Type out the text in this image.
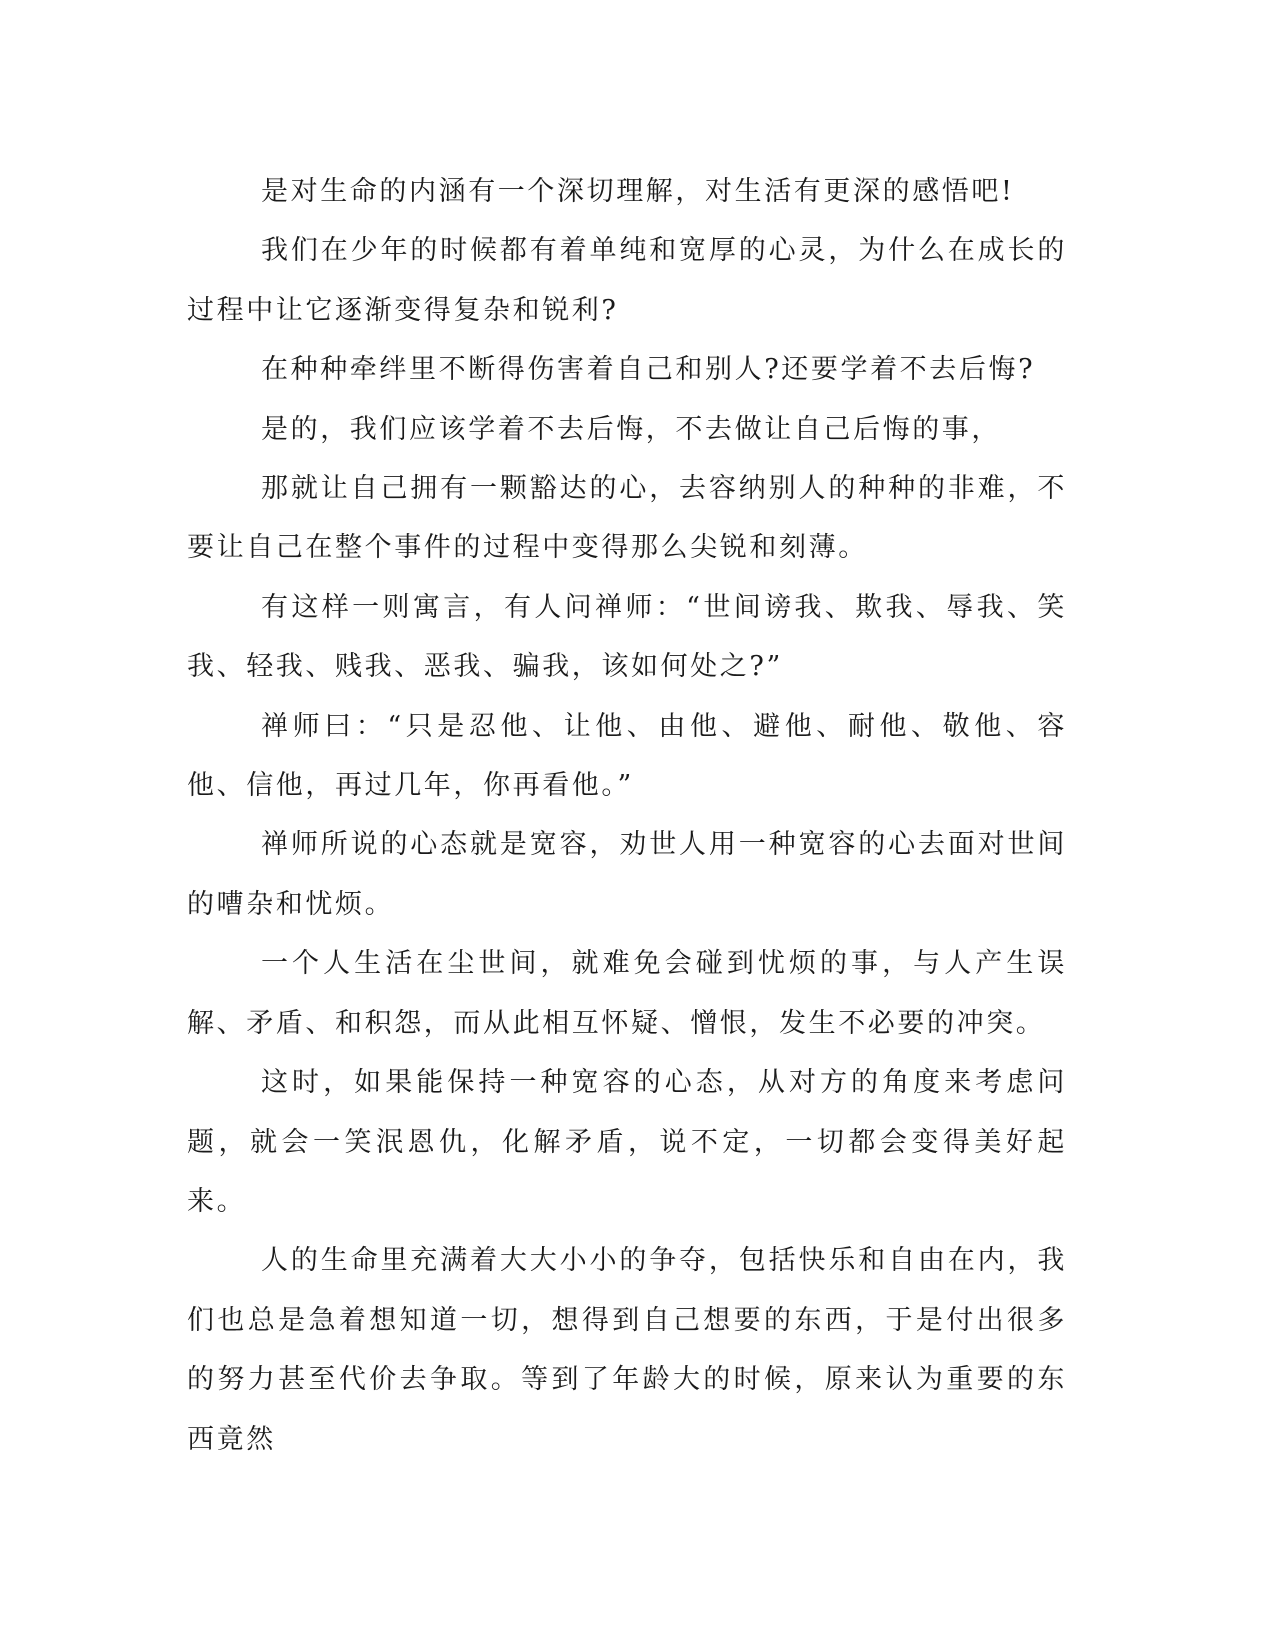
是对生命的内涵有一个深切理解，对生活有更深的感悟吧!

我们在少年的时候都有着单纯和宽厚的心灵，为什么在成长的过程中让它逐渐变得复杂和锐利?

在种种牵绊里不断得伤害着自己和别人?还要学着不去后悔?

是的，我们应该学着不去后悔，不去做让自己后悔的事，

那就让自己拥有一颗豁达的心，去容纳别人的种种的非难，不要让自己在整个事件的过程中变得那么尖锐和刻薄。

有这样一则寓言，有人问禅师：“世间谤我、欺我、辱我、笑我、轻我、贱我、恶我、骗我，该如何处之?”

禅师曰：“只是忍他、让他、由他、避他、耐他、敬他、容他、信他，再过几年，你再看他。”

禅师所说的心态就是宽容，劝世人用一种宽容的心去面对世间的嘈杂和忧烦。

一个人生活在尘世间，就难免会碰到忧烦的事，与人产生误解、矛盾、和积怨，而从此相互怀疑、憎恨，发生不必要的冲突。

这时，如果能保持一种宽容的心态，从对方的角度来考虑问题，就会一笑泯恩仇，化解矛盾，说不定，一切都会变得美好起来。

人的生命里充满着大大小小的争夺，包括快乐和自由在内，我们也总是急着想知道一切，想得到自己想要的东西，于是付出很多的努力甚至代价去争取。等到了年龄大的时候，原来认为重要的东西竟然
